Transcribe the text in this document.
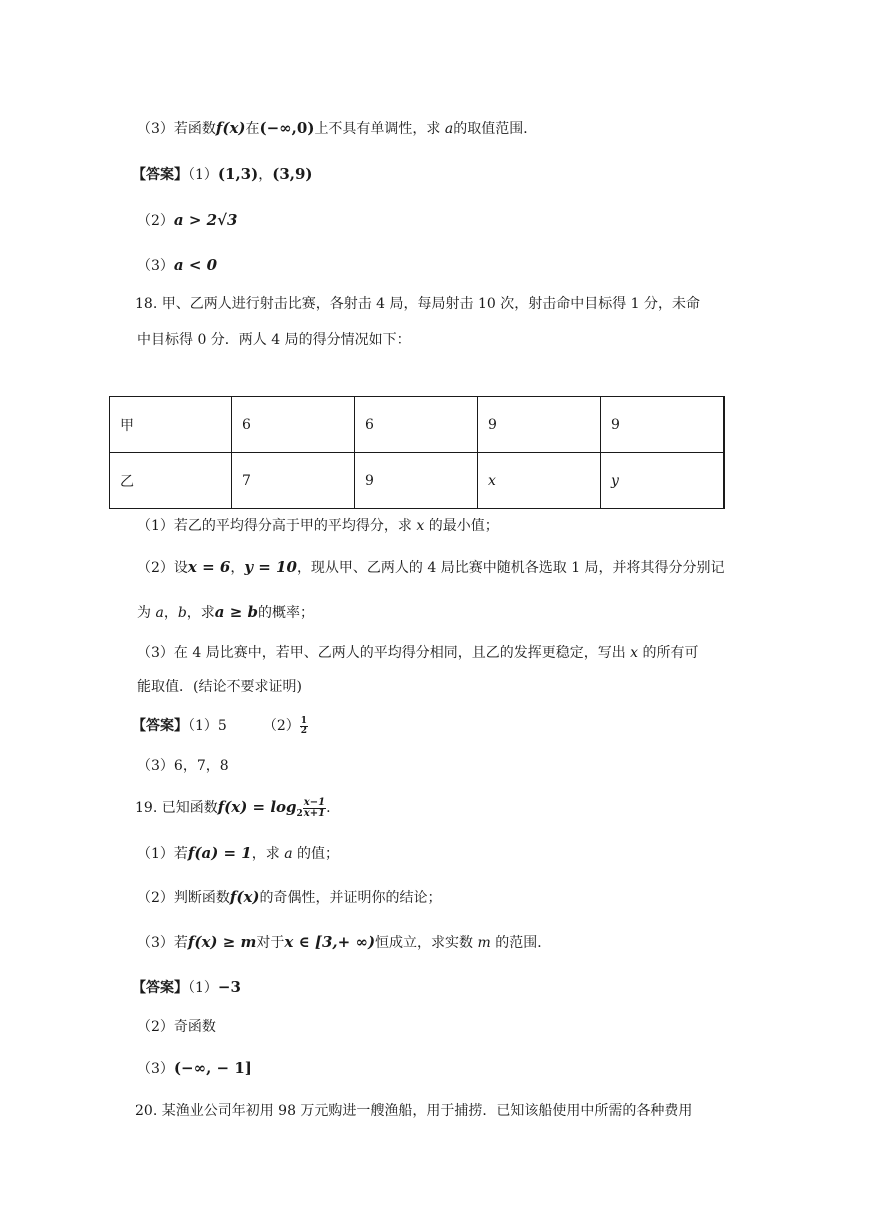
（3）若函数f(x)在(−∞,0)上不具有单调性，求 a的取值范围．
【答案】（1）(1,3)，(3,9)
（2）a > 2√3
（3）a < 0
18. 甲、乙两人进行射击比赛，各射击 4 局，每局射击 10 次，射击命中目标得 1 分，未命
中目标得 0 分．两人 4 局的得分情况如下：
甲	6	6	9	9
乙	7	9	x	y
（1）若乙的平均得分高于甲的平均得分，求 x 的最小值；
（2）设x = 6，y = 10，现从甲、乙两人的 4 局比赛中随机各选取 1 局，并将其得分分别记
为 a，b，求a ≥ b的概率；
（3）在 4 局比赛中，若甲、乙两人的平均得分相同，且乙的发挥更稳定，写出 x 的所有可
能取值．(结论不要求证明)
【答案】（1）5	$(2) \frac{1}{2}$
（3）6，7，8
19. 已知函数$f(x) = \log_2 \frac{x-1}{x+1}$ .
（1）若f(a) = 1，求 a 的值；
（2）判断函数f(x)的奇偶性，并证明你的结论；
（3）若f(x) ≥ m对于x ∈ [3,+ ∞)恒成立，求实数 m 的范围．
【答案】（1）−3
（2）奇函数
（3）(−∞, − 1]
20. 某渔业公司年初用 98 万元购进一艘渔船，用于捕捞．已知该船使用中所需的各种费用
